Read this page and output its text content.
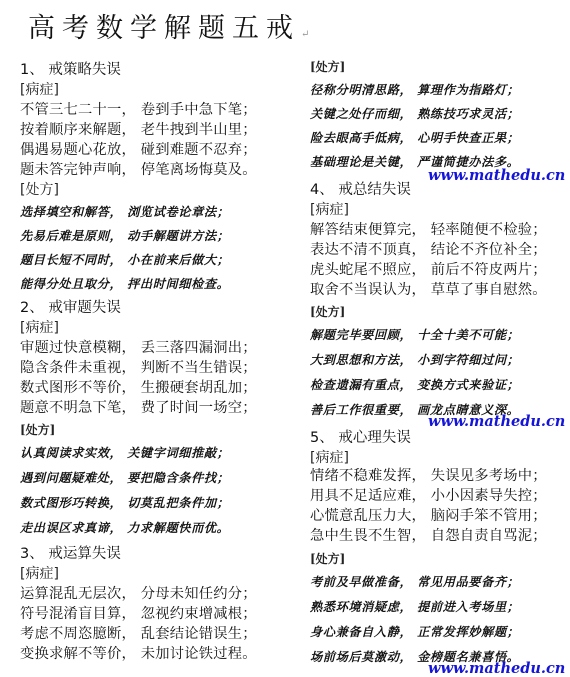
高考数学解题五戒↵
1、 戒策略失误
[病症]
不管三七二十一， 卷到手中急下笔；
按着顺序来解题， 老牛拽到半山里；
偶遇易题心花放， 碰到难题不忍弃；
题未答完钟声响， 停笔离场悔莫及。
[处方]
选择填空和解答， 浏览试卷论章法；
先易后难是原则， 动手解题讲方法；
题目长短不同时， 小在前来后做大；
能得分处且取分， 抨出时间细检查。
2、 戒审题失误
[病症]
审题过快意模糊， 丢三落四漏洞出；
隐含条件未重视， 判断不当生错误；
数式图形不等价， 生搬硬套胡乱加；
题意不明急下笔， 费了时间一场空；
[处方]
认真阅读求实效， 关键字词细推敲；
遇到问题疑难处， 要把隐含条件找；
数式图形巧转换， 切莫乱把条件加；
走出误区求真谛， 力求解题快而优。
3、 戒运算失误
[病症]
运算混乱无层次， 分母未知任约分；
符号混淆盲目算， 忽视约束增减根；
考虑不周恣臆断， 乱套结论错误生；
变换求解不等价， 未加讨论铁过程。
[处方]
径称分明清思路， 算理作为指路灯；
关键之处仔而细， 熟练技巧求灵活；
险去眼高手低病， 心明手快查正果；
基础理论是关键， 严谨简捷办法多。
4、 戒总结失误
[病症]
解答结束便算完， 轻率随便不检验；
表达不清不顶真， 结论不齐位补全；
虎头蛇尾不照应， 前后不符皮两片；
取舍不当误认为， 草草了事自慰然。
[处方]
解题完毕要回顾， 十全十美不可能；
大到思想和方法， 小到字符细过问；
检查遗漏有重点， 变换方式来验证；
善后工作很重要， 画龙点睛意义深。
5、 戒心理失误
[病症]
情绪不稳难发挥， 失误见多考场中；
用具不足适应难， 小小因素导失控；
心慌意乱压力大， 脑闷手笨不管用；
急中生畏不生智， 自怨自责自骂泥；
[处方]
考前及早做准备， 常见用品要备齐；
熟悉环境消疑虑， 提前进入考场里；
身心兼备自入静， 正常发挥妙解题；
场前场后莫激动， 金榜题名兼喜悟。
www.mathedu.cn
www.mathedu.cn
www.mathedu.cn
